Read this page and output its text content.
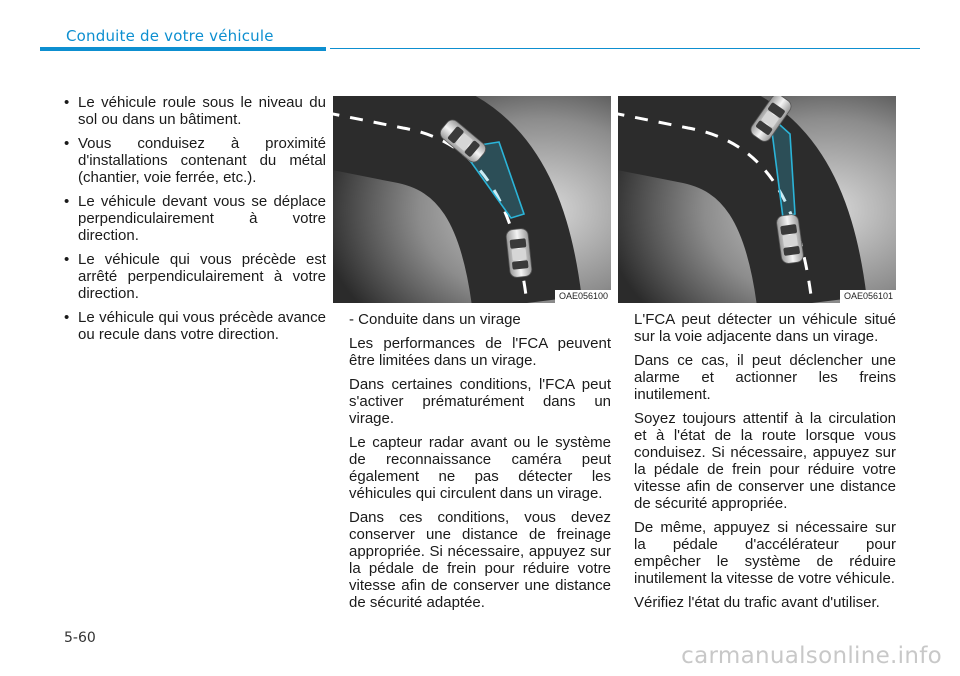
Conduite de votre véhicule
• Le véhicule roule sous le niveau du sol ou dans un bâtiment.
• Vous conduisez à proximité d'installations contenant du métal (chantier, voie ferrée, etc.).
• Le véhicule devant vous se déplace perpendiculairement à votre direction.
• Le véhicule qui vous précède est arrêté perpendiculairement à votre direction.
• Le véhicule qui vous précède avance ou recule dans votre direction.
OAE056100	OAE056101

- Conduite dans un virage

Les performances de l'FCA peuvent être limitées dans un virage.

Dans certaines conditions, l'FCA peut s'activer prématurément dans un virage.

Le capteur radar avant ou le système de reconnaissance caméra peut également ne pas détecter les véhicules qui circulent dans un virage.

Dans ces conditions, vous devez conserver une distance de freinage appropriée. Si nécessaire, appuyez sur la pédale de frein pour réduire votre vitesse afin de conserver une distance de sécurité adaptée.

L'FCA peut détecter un véhicule situé sur la voie adjacente dans un virage.

Dans ce cas, il peut déclencher une alarme et actionner les freins inutilement.

Soyez toujours attentif à la circulation et à l'état de la route lorsque vous conduisez. Si nécessaire, appuyez sur la pédale de frein pour réduire votre vitesse afin de conserver une distance de sécurité appropriée.

De même, appuyez si nécessaire sur la pédale d'accélérateur pour empêcher le système de réduire inutilement la vitesse de votre véhicule.

Vérifiez l'état du trafic avant d'utiliser.

5-60

carmanualsonline.info
